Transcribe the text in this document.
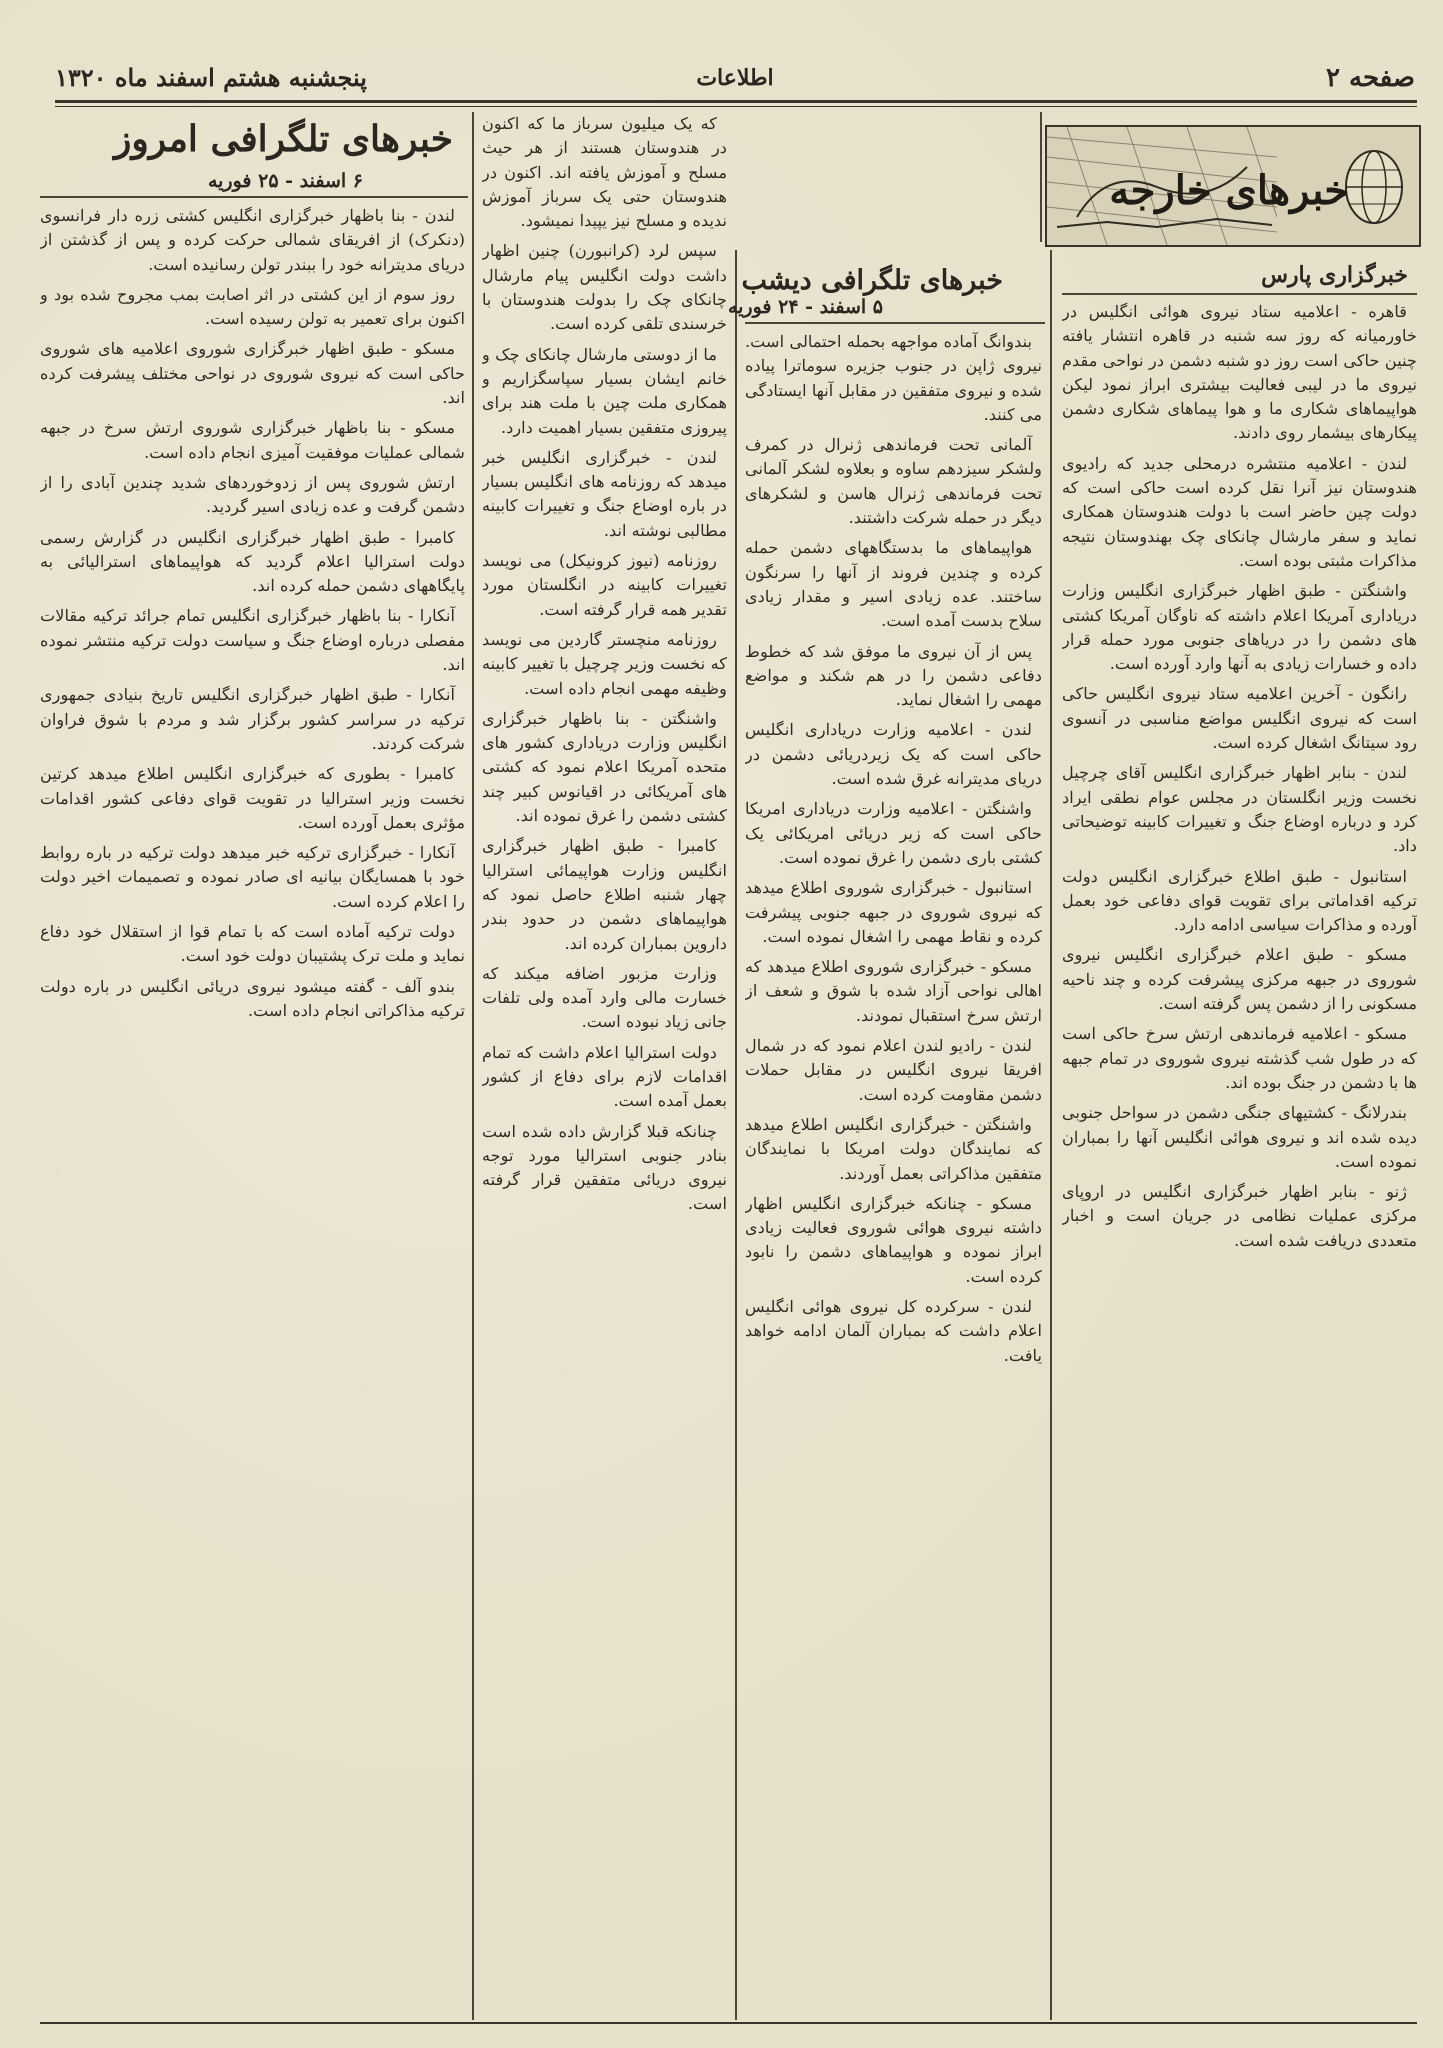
صفحه ۲
اطلاعات
پنجشنبه هشتم اسفند ماه ۱۳۲۰
خبرهای خارجه
خبرگزاری پارس
خبرهای تلگرافی دیشب
۵ اسفند - ۲۴ فوریه
خبرهای تلگرافی امروز
۶ اسفند - ۲۵ فوریه

قاهره - اعلامیه ستاد نیروی هوائی انگلیس در خاورمیانه که روز سه شنبه در قاهره انتشار یافته چنین حاکی است روز دو شنبه دشمن در نواحی مقدم نیروی ما در لیبی فعالیت بیشتری ابراز نمود لیکن هواپیماهای شکاری ما و هوا پیماهای شکاری دشمن پیکارهای بیشمار روی دادند.

لندن - اعلامیه منتشره درمحلی جدید که رادیوی هندوستان نیز آنرا نقل کرده است حاکی است که دولت چین حاضر است با دولت هندوستان همکاری نماید و سفر مارشال چانکای چک بهندوستان نتیجه مذاکرات مثبتی بوده است.

واشنگتن - طبق اظهار خبرگزاری انگلیس وزارت دریاداری آمریکا اعلام داشته که ناوگان آمریکا کشتی های دشمن را در دریاهای جنوبی مورد حمله قرار داده و خسارات زیادی به آنها وارد آورده است.

رانگون - آخرین اعلامیه ستاد نیروی انگلیس حاکی است که نیروی انگلیس مواضع مناسبی در آنسوی رود سیتانگ اشغال کرده است.

لندن - بنابر اظهار خبرگزاری انگلیس آقای چرچیل نخست وزیر انگلستان در مجلس عوام نطقی ایراد کرد و درباره اوضاع جنگ و تغییرات کابینه توضیحاتی داد.

استانبول - طبق اطلاع خبرگزاری انگلیس دولت ترکیه اقداماتی برای تقویت قوای دفاعی خود بعمل آورده و مذاکرات سیاسی ادامه دارد.

مسکو - طبق اعلام خبرگزاری انگلیس نیروی شوروی در جبهه مرکزی پیشرفت کرده و چند ناحیه مسکونی را از دشمن پس گرفته است.

مسکو - اعلامیه فرماندهی ارتش سرخ حاکی است که در طول شب گذشته نیروی شوروی در تمام جبهه ها با دشمن در جنگ بوده اند.

بندرلانگ - کشتیهای جنگی دشمن در سواحل جنوبی دیده شده اند و نیروی هوائی انگلیس آنها را بمباران نموده است.

ژنو - بنابر اظهار خبرگزاری انگلیس در اروپای مرکزی عملیات نظامی در جریان است و اخبار متعددی دریافت شده است.

بندوانگ آماده مواجهه بحمله احتمالی است. نیروی ژاپن در جنوب جزیره سوماترا پیاده شده و نیروی متفقین در مقابل آنها ایستادگی می کنند.

آلمانی تحت فرماندهی ژنرال در کمرف ولشکر سیزدهم ساوه و بعلاوه لشکر آلمانی تحت فرماندهی ژنرال هاسن و لشکرهای دیگر در حمله شرکت داشتند.

هواپیماهای ما بدستگاههای دشمن حمله کرده و چندین فروند از آنها را سرنگون ساختند. عده زیادی اسیر و مقدار زیادی سلاح بدست آمده است.

پس از آن نیروی ما موفق شد که خطوط دفاعی دشمن را در هم شکند و مواضع مهمی را اشغال نماید.

لندن - اعلامیه وزارت دریاداری انگلیس حاکی است که یک زیردریائی دشمن در دریای مدیترانه غرق شده است.

واشنگتن - اعلامیه وزارت دریاداری امریکا حاکی است که زیر دریائی امریکائی یک کشتی باری دشمن را غرق نموده است.

استانبول - خبرگزاری شوروی اطلاع میدهد که نیروی شوروی در جبهه جنوبی پیشرفت کرده و نقاط مهمی را اشغال نموده است.

مسکو - خبرگزاری شوروی اطلاع میدهد که اهالی نواحی آزاد شده با شوق و شعف از ارتش سرخ استقبال نمودند.

لندن - رادیو لندن اعلام نمود که در شمال افریقا نیروی انگلیس در مقابل حملات دشمن مقاومت کرده است.

واشنگتن - خبرگزاری انگلیس اطلاع میدهد که نمایندگان دولت امریکا با نمایندگان متفقین مذاکراتی بعمل آوردند.

مسکو - چنانکه خبرگزاری انگلیس اظهار داشته نیروی هوائی شوروی فعالیت زیادی ابراز نموده و هواپیماهای دشمن را نابود کرده است.

لندن - سرکرده کل نیروی هوائی انگلیس اعلام داشت که بمباران آلمان ادامه خواهد یافت.

که یک میلیون سرباز ما که اکنون در هندوستان هستند از هر حیث مسلح و آموزش یافته اند. اکنون در هندوستان حتی یک سرباز آموزش ندیده و مسلح نیز یپیدا نمیشود.

سپس لرد (کرانبورن) چنین اظهار داشت دولت انگلیس پیام مارشال چانکای چک را بدولت هندوستان با خرسندی تلقی کرده است.

ما از دوستی مارشال چانکای چک و خانم ایشان بسیار سپاسگزاریم و همکاری ملت چین با ملت هند برای پیروزی متفقین بسیار اهمیت دارد.

لندن - خبرگزاری انگلیس خبر میدهد که روزنامه های انگلیس بسیار در باره اوضاع جنگ و تغییرات کابینه مطالبی نوشته اند.

روزنامه (نیوز کرونیکل) می نویسد تغییرات کابینه در انگلستان مورد تقدیر همه قرار گرفته است.

روزنامه منچستر گاردین می نویسد که نخست وزیر چرچیل با تغییر کابینه وظیفه مهمی انجام داده است.

واشنگتن - بنا باظهار خبرگزاری انگلیس وزارت دریاداری کشور های متحده آمریکا اعلام نمود که کشتی های آمریکائی در اقیانوس کبیر چند کشتی دشمن را غرق نموده اند.

کامبرا - طبق اظهار خبرگزاری انگلیس وزارت هواپیمائی استرالیا چهار شنبه اطلاع حاصل نمود که هواپیماهای دشمن در حدود بندر داروین بمباران کرده اند.

وزارت مزبور اضافه میکند که خسارت مالی وارد آمده ولی تلفات جانی زیاد نبوده است.

دولت استرالیا اعلام داشت که تمام اقدامات لازم برای دفاع از کشور بعمل آمده است.

چنانکه قبلا گزارش داده شده است بنادر جنوبی استرالیا مورد توجه نیروی دریائی متفقین قرار گرفته است.

لندن - بنا باظهار خبرگزاری انگلیس کشتی زره دار فرانسوی (دنکرک) از افریقای شمالی حرکت کرده و پس از گذشتن از دریای مدیترانه خود را ببندر تولن رسانیده است.

روز سوم از این کشتی در اثر اصابت بمب مجروح شده بود و اکنون برای تعمیر به تولن رسیده است.

مسکو - طبق اظهار خبرگزاری شوروی اعلامیه های شوروی حاکی است که نیروی شوروی در نواحی مختلف پیشرفت کرده اند.

مسکو - بنا باظهار خبرگزاری شوروی ارتش سرخ در جبهه شمالی عملیات موفقیت آمیزی انجام داده است.

ارتش شوروی پس از زدوخوردهای شدید چندین آبادی را از دشمن گرفت و عده زیادی اسیر گردید.

کامبرا - طبق اظهار خبرگزاری انگلیس در گزارش رسمی دولت استرالیا اعلام گردید که هواپیماهای استرالیائی به پایگاههای دشمن حمله کرده اند.

آنکارا - بنا باظهار خبرگزاری انگلیس تمام جرائد ترکیه مقالات مفصلی درباره اوضاع جنگ و سیاست دولت ترکیه منتشر نموده اند.

آنکارا - طبق اظهار خبرگزاری انگلیس تاریخ بنیادی جمهوری ترکیه در سراسر کشور برگزار شد و مردم با شوق فراوان شرکت کردند.

کامبرا - بطوری که خبرگزاری انگلیس اطلاع میدهد کرتین نخست وزیر استرالیا در تقویت قوای دفاعی کشور اقدامات مؤثری بعمل آورده است.

آنکارا - خبرگزاری ترکیه خبر میدهد دولت ترکیه در باره روابط خود با همسایگان بیانیه ای صادر نموده و تصمیمات اخیر دولت را اعلام کرده است.

دولت ترکیه آماده است که با تمام قوا از استقلال خود دفاع نماید و ملت ترک پشتیبان دولت خود است.

بندو آلف - گفته میشود نیروی دریائی انگلیس در باره دولت ترکیه مذاکراتی انجام داده است.
